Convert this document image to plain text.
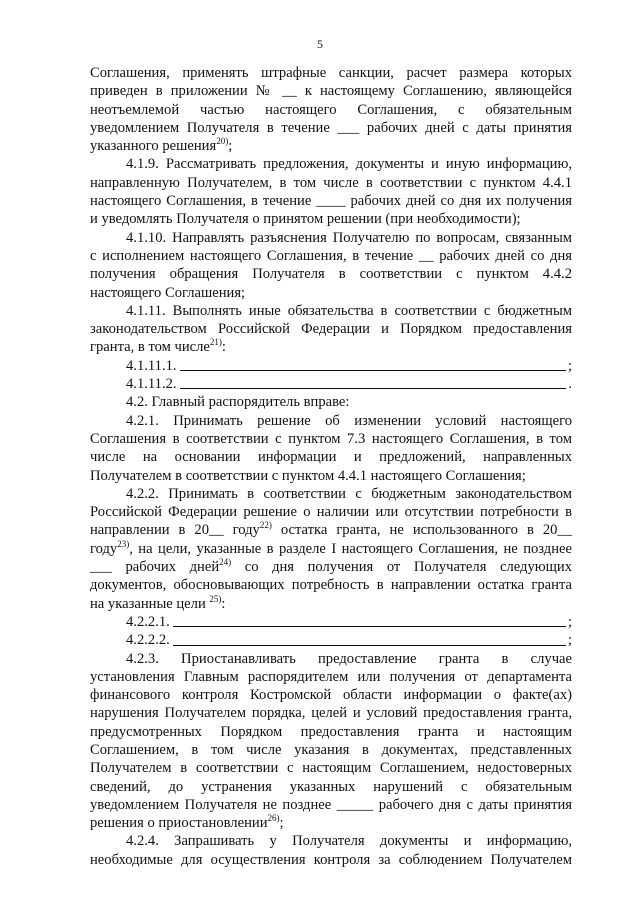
5
Соглашения, применять штрафные санкции, расчет размера которых
приведен в приложении № __ к настоящему Соглашению, являющейся
неотъемлемой частью настоящего Соглашения, с обязательным
уведомлением Получателя в течение ___ рабочих дней с даты принятия
указанного решения$^{20)}$;
4.1.9. Рассматривать предложения, документы и иную информацию,
направленную Получателем, в том числе в соответствии с пунктом 4.4.1
настоящего Соглашения, в течение ____ рабочих дней со дня их получения
и уведомлять Получателя о принятом решении (при необходимости);
4.1.10. Направлять разъяснения Получателю по вопросам, связанным
с исполнением настоящего Соглашения, в течение __ рабочих дней со дня
получения обращения Получателя в соответствии с пунктом 4.4.2
настоящего Соглашения;
4.1.11. Выполнять иные обязательства в соответствии с бюджетным
законодательством Российской Федерации и Порядком предоставления
гранта, в том числе$^{21)}$:
4.1.11.1.	;
4.1.11.2.	.
4.2. Главный распорядитель вправе:
4.2.1. Принимать решение об изменении условий настоящего
Соглашения в соответствии с пунктом 7.3 настоящего Соглашения, в том
числе на основании информации и предложений, направленных
Получателем в соответствии с пунктом 4.4.1 настоящего Соглашения;
4.2.2. Принимать в соответствии с бюджетным законодательством
Российской Федерации решение о наличии или отсутствии потребности в
направлении в 20__ году$^{22)}$ остатка гранта, не использованного в 20__
году$^{23)}$, на цели, указанные в разделе I настоящего Соглашения, не позднее
___ рабочих дней$^{24)}$ со дня получения от Получателя следующих
документов, обосновывающих потребность в направлении остатка гранта
на указанные цели $^{25)}$:
4.2.2.1.	;
4.2.2.2.	;
4.2.3. Приостанавливать предоставление гранта в случае
установления Главным распорядителем или получения от департамента
финансового контроля Костромской области информации о факте(ах)
нарушения Получателем порядка, целей и условий предоставления гранта,
предусмотренных Порядком предоставления гранта и настоящим
Соглашением, в том числе указания в документах, представленных
Получателем в соответствии с настоящим Соглашением, недостоверных
сведений, до устранения указанных нарушений с обязательным
уведомлением Получателя не позднее _____ рабочего дня с даты принятия
решения о приостановлении$^{26)}$;
4.2.4. Запрашивать у Получателя документы и информацию,
необходимые для осуществления контроля за соблюдением Получателем
